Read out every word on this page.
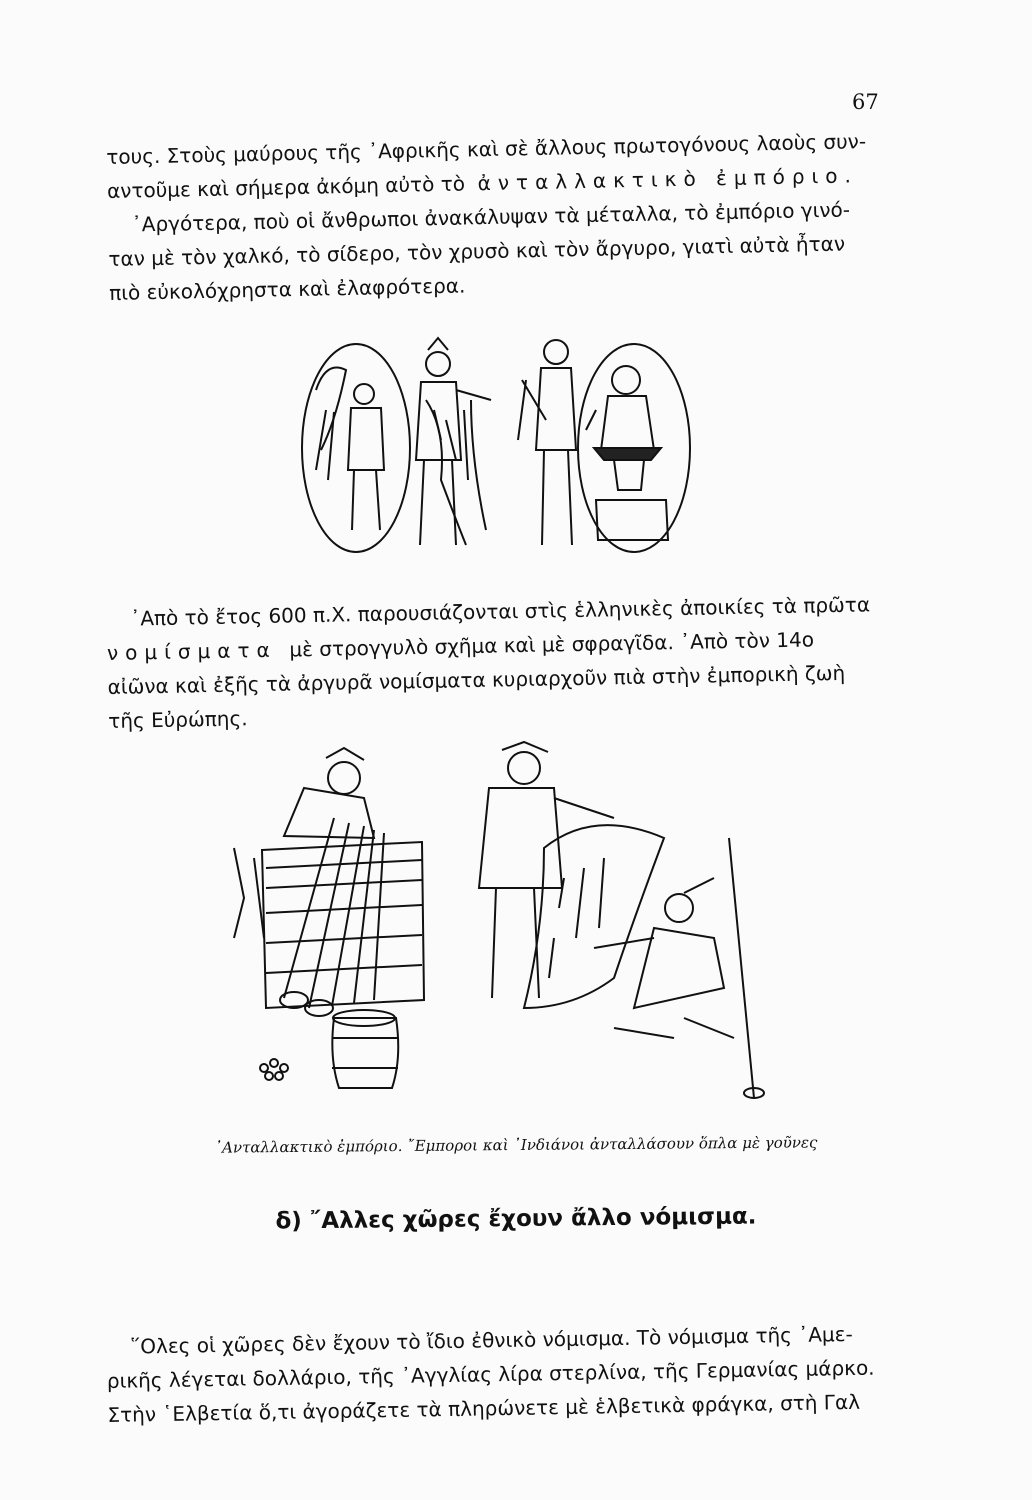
67

τους. Στοὺς μαύρους τῆς ᾿Αφρικῆς καὶ σὲ ἄλλους πρωτογόνους λαοὺς συν-
αντοῦμε καὶ σήμερα ἀκόμη αὐτὸ τὸ ἀνταλλακτικὸ ἐμπόριο.
᾿Αργότερα, ποὺ οἱ ἄνθρωποι ἀνακάλυψαν τὰ μέταλλα, τὸ ἐμπόριο γινό-
ταν μὲ τὸν χαλκό, τὸ σίδερο, τὸν χρυσὸ καὶ τὸν ἄργυρο, γιατὶ αὐτὰ ἦταν
πιὸ εὐκολόχρηστα καὶ ἐλαφρότερα.

᾿Απὸ τὸ ἔτος 600 π.Χ. παρουσιάζονται στὶς ἑλληνικὲς ἀποικίες τὰ πρῶτα
νομίσματα μὲ στρογγυλὸ σχῆμα καὶ μὲ σφραγῖδα. ᾿Απὸ τὸν 14ο
αἰῶνα καὶ ἐξῆς τὰ ἀργυρᾶ νομίσματα κυριαρχοῦν πιὰ στὴν ἐμπορικὴ ζωὴ
τῆς Εὐρώπης.

᾿Ανταλλακτικὸ ἐμπόριο. ῎Εμποροι καὶ ᾿Ινδιάνοι ἀνταλλάσουν ὅπλα μὲ γοῦνες

δ) ῎Αλλες χῶρες ἔχουν ἄλλο νόμισμα.

῞Ολες οἱ χῶρες δὲν ἔχουν τὸ ἴδιο ἐθνικὸ νόμισμα. Τὸ νόμισμα τῆς ᾿Αμε-
ρικῆς λέγεται δολλάριο, τῆς ᾿Αγγλίας λίρα στερλίνα, τῆς Γερμανίας μάρκο.
Στὴν ῾Ελβετία ὅ,τι ἀγοράζετε τὰ πληρώνετε μὲ ἑλβετικὰ φράγκα, στὴ Γαλ
